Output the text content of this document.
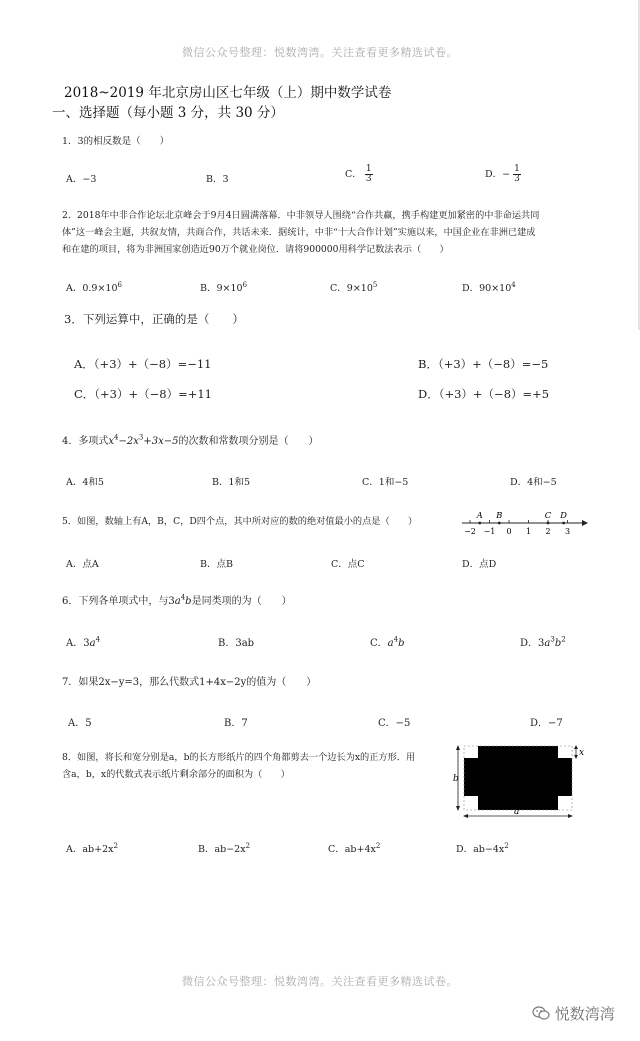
微信公众号整理：悦数湾湾。关注查看更多精选试卷。
2018~2019 年北京房山区七年级（上）期中数学试卷
一、选择题（每小题 3 分，共 30 分）
1．3的相反数是（　　）
A．−3	B．3	C． $\frac{1}{3}$	D．− $\frac{1}{3}$
2．2018年中非合作论坛北京峰会于9月4日圆满落幕．中非领导人围绕“合作共赢，携手构建更加紧密的中非命运共同
体”这一峰会主题，共叙友情，共商合作，共话未来．据统计，中非“十大合作计划”实施以来，中国企业在非洲已建成
和在建的项目，将为非洲国家创造近90万个就业岗位．请将900000用科学记数法表示（　　）
A．$0.9\times 10^6$	B．$9\times 10^6$	C．$9\times 10^5$	D．$90\times 10^4$
3．下列运算中，正确的是（　　）
A．（+3）+（−8）=−11	B．（+3）+（−8）=−5
C．（+3）+（−8）=+11	D．（+3）+（−8）=+5
4．多项式$x^4-2x^3+3x-5$的次数和常数项分别是（　　）
A．4和5	B．1和5	C．1和−5	D．4和−5
5．如图，数轴上有A，B，C，D四个点，其中所对应的数的绝对值最小的点是（　　）
−2 −1 0 1 2 3
A B	C D
A．点A	B．点B	C．点C	D．点D
6．下列各单项式中，与$3a^4b$是同类项的为（　　）
A．$3a^4$	B．3ab	C．$a^4b$	D．$3a^3b^2$
7．如果2x−y=3，那么代数式1+4x−2y的值为（　　）
A．5	B．7	C．−5	D．−7
8．如图，将长和宽分别是a，b的长方形纸片的四个角都剪去一个边长为x的正方形．用
含a，b，x的代数式表示纸片剩余部分的面积为（　　）	b
a
x
A．$ab+2x^2$	B．$ab-2x^2$	C．$ab+4x^2$	D．$ab-4x^2$
微信公众号整理：悦数湾湾。关注查看更多精选试卷。
悦数湾湾
